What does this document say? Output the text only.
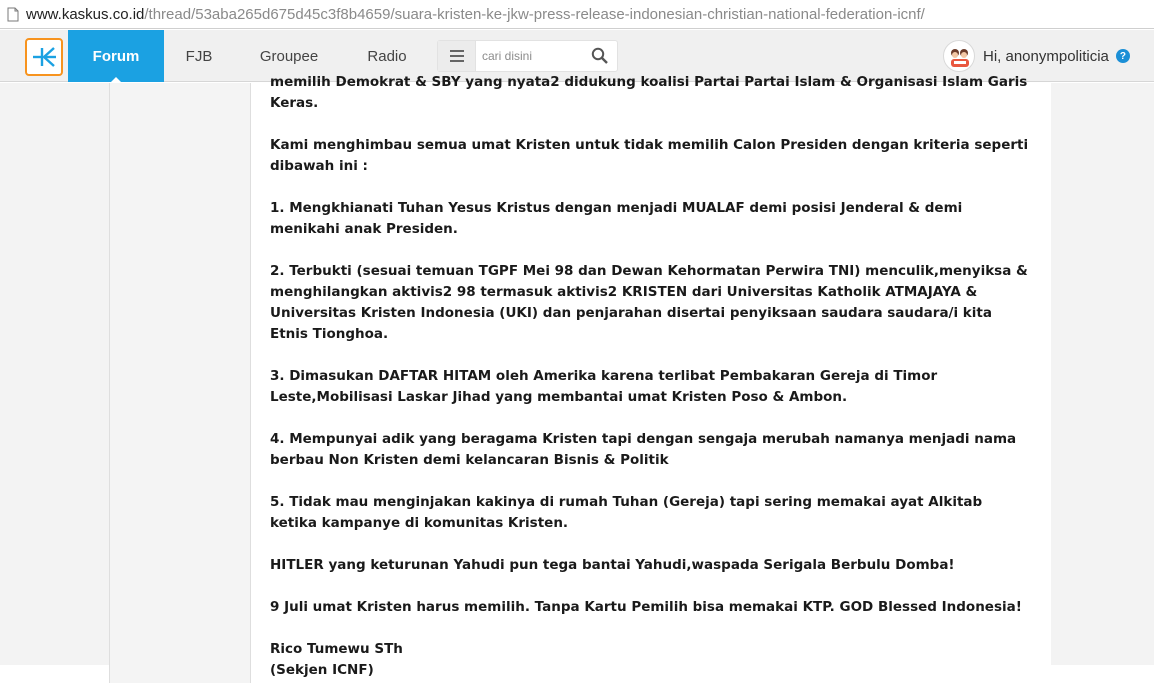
www.kaskus.co.id/thread/53aba265d675d45c3f8b4659/suara-kristen-ke-jkw-press-release-indonesian-christian-national-federation-icnf/
Forum	FJB	Groupee	Radio
cari disini	Hi, anonympoliticia	?
memilih Demokrat & SBY yang nyata2 didukung koalisi Partai Partai Islam & Organisasi Islam Garis Keras.
Kami menghimbau semua umat Kristen untuk tidak memilih Calon Presiden dengan kriteria seperti dibawah ini :
1. Mengkhianati Tuhan Yesus Kristus dengan menjadi MUALAF demi posisi Jenderal & demi menikahi anak Presiden.
2. Terbukti (sesuai temuan TGPF Mei 98 dan Dewan Kehormatan Perwira TNI) menculik,menyiksa & menghilangkan aktivis2 98 termasuk aktivis2 KRISTEN dari Universitas Katholik ATMAJAYA & Universitas Kristen Indonesia (UKI) dan penjarahan disertai penyiksaan saudara saudara/i kita Etnis Tionghoa.
3. Dimasukan DAFTAR HITAM oleh Amerika karena terlibat Pembakaran Gereja di Timor Leste,Mobilisasi Laskar Jihad yang membantai umat Kristen Poso & Ambon.
4. Mempunyai adik yang beragama Kristen tapi dengan sengaja merubah namanya menjadi nama berbau Non Kristen demi kelancaran Bisnis & Politik
5. Tidak mau menginjakan kakinya di rumah Tuhan (Gereja) tapi sering memakai ayat Alkitab ketika kampanye di komunitas Kristen.
HITLER yang keturunan Yahudi pun tega bantai Yahudi,waspada Serigala Berbulu Domba!
9 Juli umat Kristen harus memilih. Tanpa Kartu Pemilih bisa memakai KTP. GOD Blessed Indonesia!
Rico Tumewu STh
(Sekjen ICNF)
